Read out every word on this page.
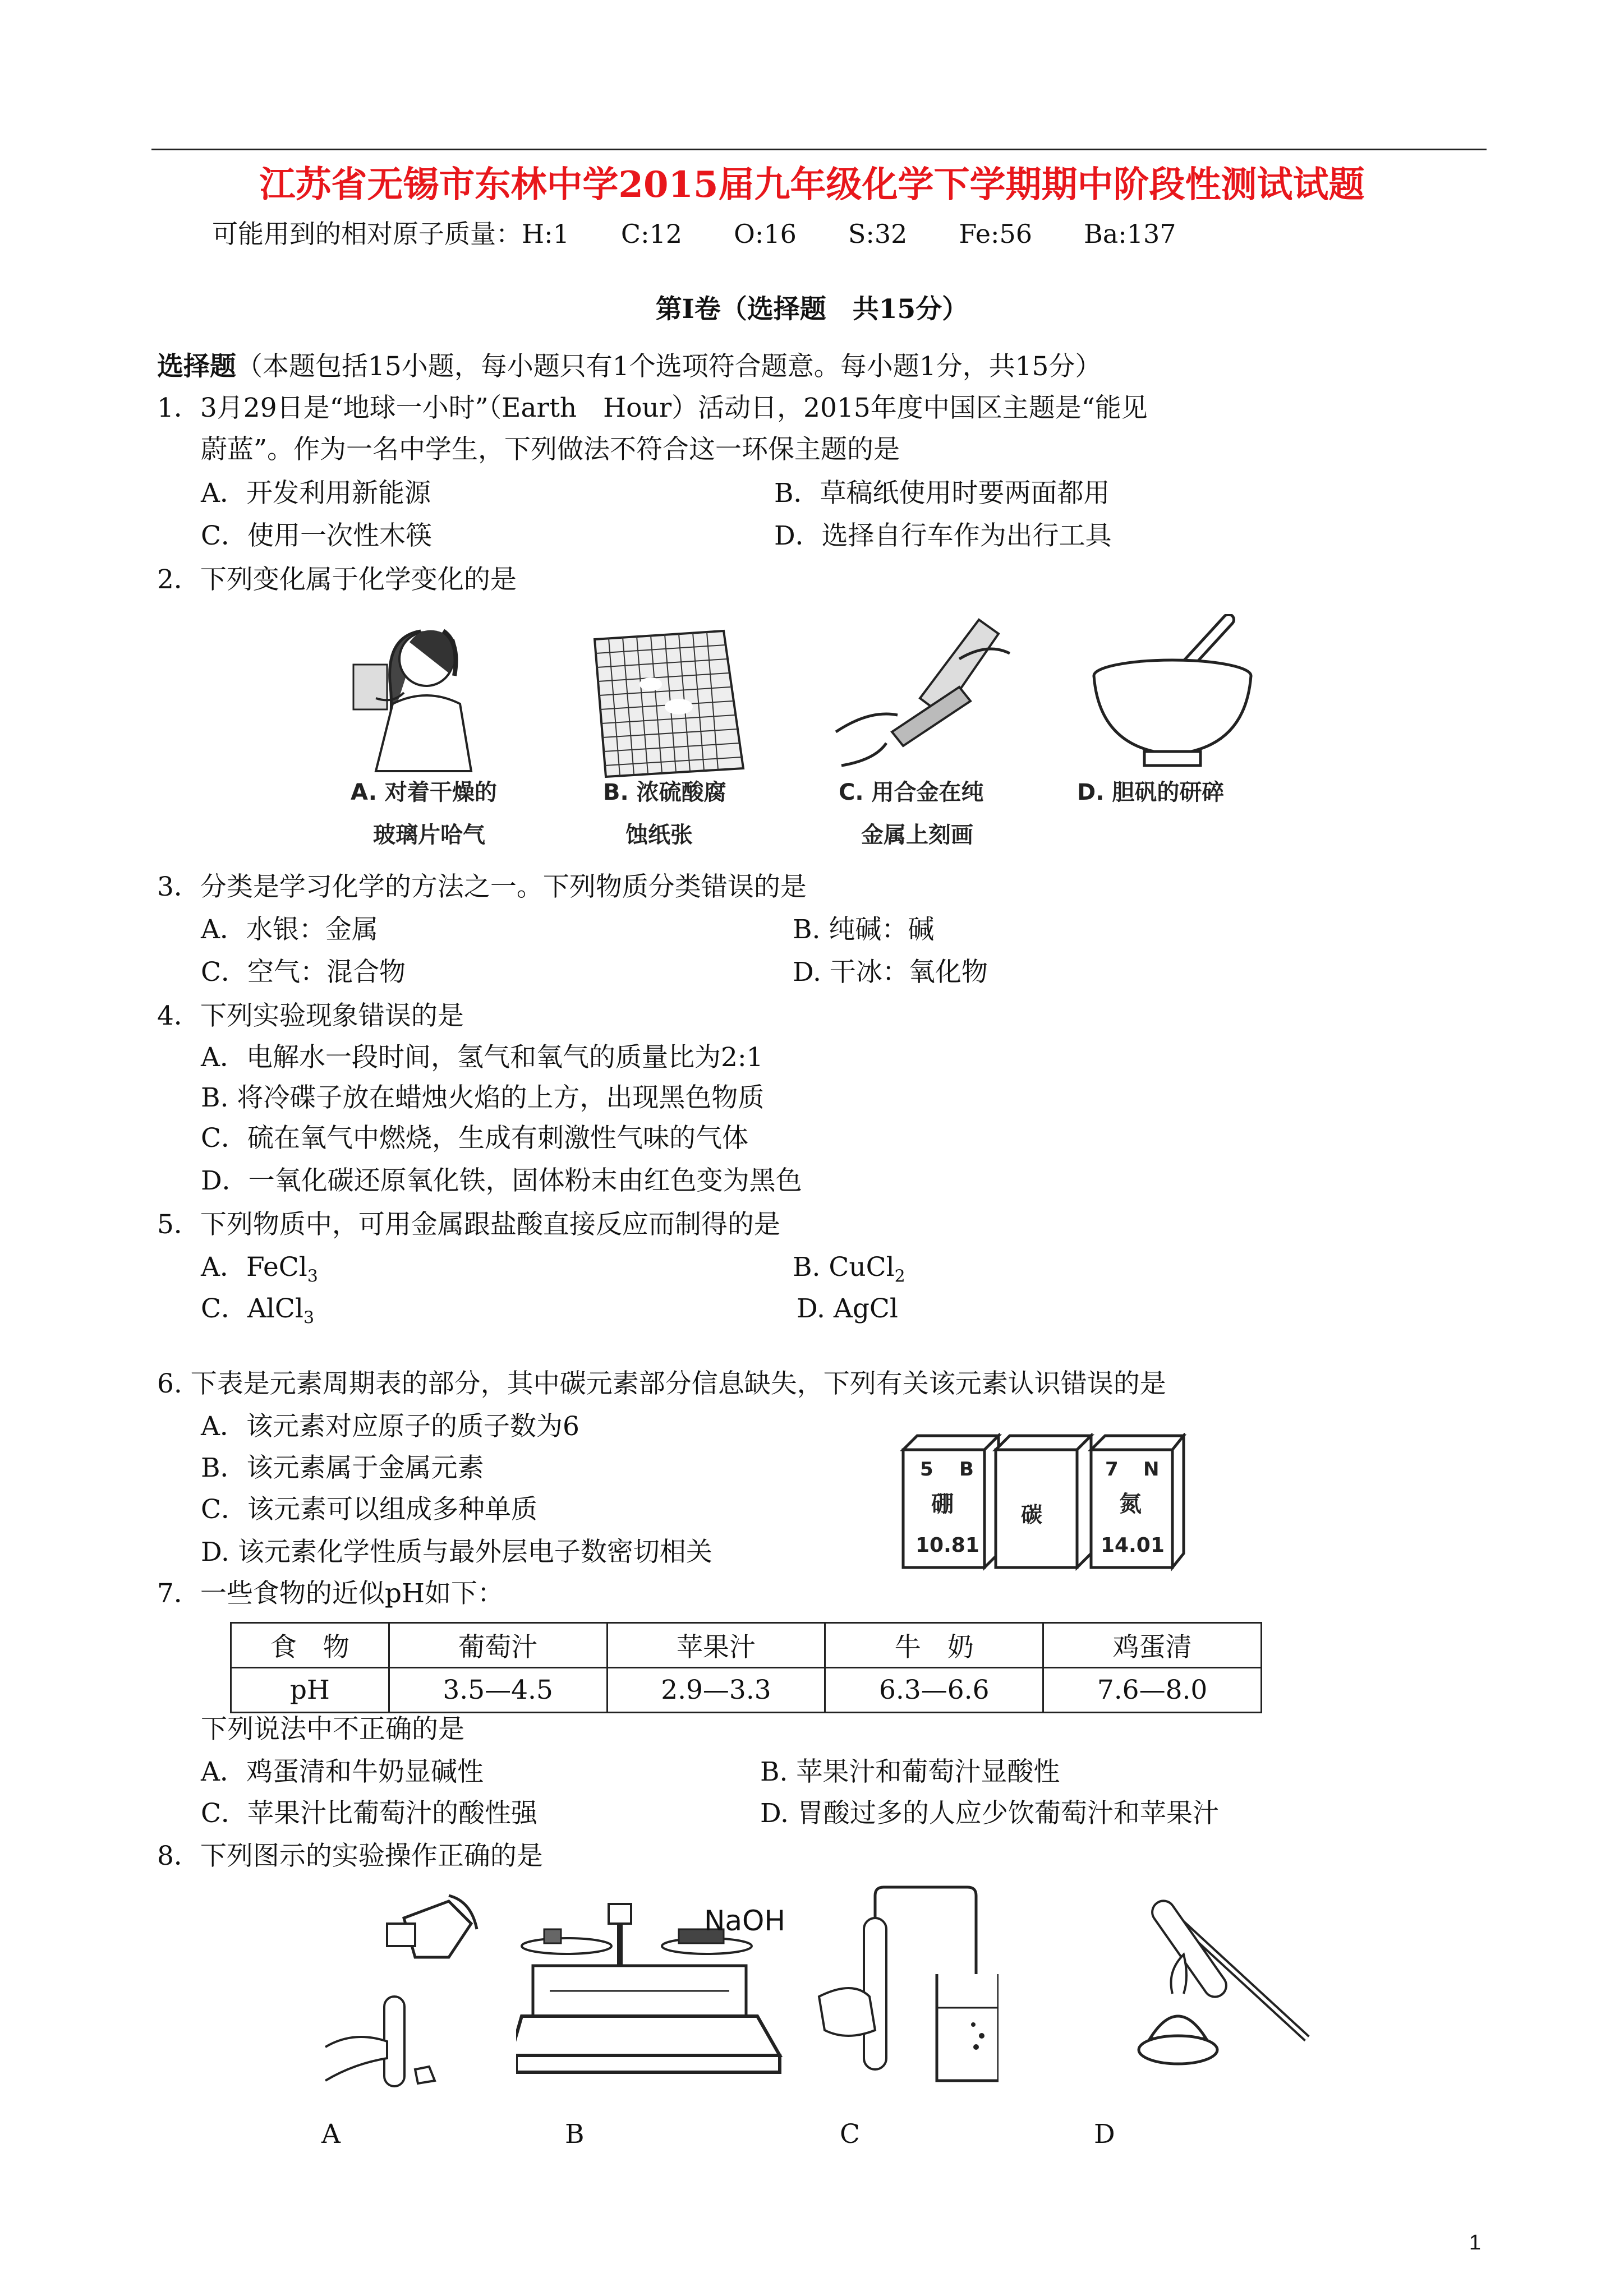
江苏省无锡市东林中学2015届九年级化学下学期期中阶段性测试试题
可能用到的相对原子质量：H:1　　C:12　　O:16　　S:32　　Fe:56　　Ba:137
第Ⅰ卷（选择题　共15分）
选择题（本题包括15小题，每小题只有1个选项符合题意。每小题1分，共15分）
1．3月29日是“地球一小时”（Earth　Hour）活动日，2015年度中国区主题是“能见
蔚蓝”。作为一名中学生，下列做法不符合这一环保主题的是
A．开发利用新能源	B．草稿纸使用时要两面都用
C．使用一次性木筷	D．选择自行车作为出行工具
2．下列变化属于化学变化的是
A. 对着干燥的
玻璃片哈气
B. 浓硫酸腐
蚀纸张
C. 用合金在纯
金属上刻画
D. 胆矾的研碎
3．分类是学习化学的方法之一。下列物质分类错误的是
A．水银：金属	B. 纯碱：碱
C．空气：混合物	D. 干冰：氧化物
4．下列实验现象错误的是
A．电解水一段时间，氢气和氧气的质量比为2:1
B. 将冷碟子放在蜡烛火焰的上方，出现黑色物质
C．硫在氧气中燃烧，生成有刺激性气味的气体
D．一氧化碳还原氧化铁，固体粉末由红色变为黑色
5．下列物质中，可用金属跟盐酸直接反应而制得的是
A．FeCl$_3$	B. CuCl$_2$
C．AlCl$_3$	D. AgCl
6. 下表是元素周期表的部分，其中碳元素部分信息缺失，下列有关该元素认识错误的是
A．该元素对应原子的质子数为6
B．该元素属于金属元素
C．该元素可以组成多种单质
D. 该元素化学性质与最外层电子数密切相关
5 B
硼
10.81
碳
7 N
氮
14.01
7．一些食物的近似pH如下：
食　物	葡萄汁	苹果汁	牛　奶	鸡蛋清
pH	3.5—4.5	2.9—3.3	6.3—6.6	7.6—8.0
下列说法中不正确的是
A．鸡蛋清和牛奶显碱性	B. 苹果汁和葡萄汁显酸性
C．苹果汁比葡萄汁的酸性强	D. 胃酸过多的人应少饮葡萄汁和苹果汁
8．下列图示的实验操作正确的是
NaOH
A	B	C	D
1
